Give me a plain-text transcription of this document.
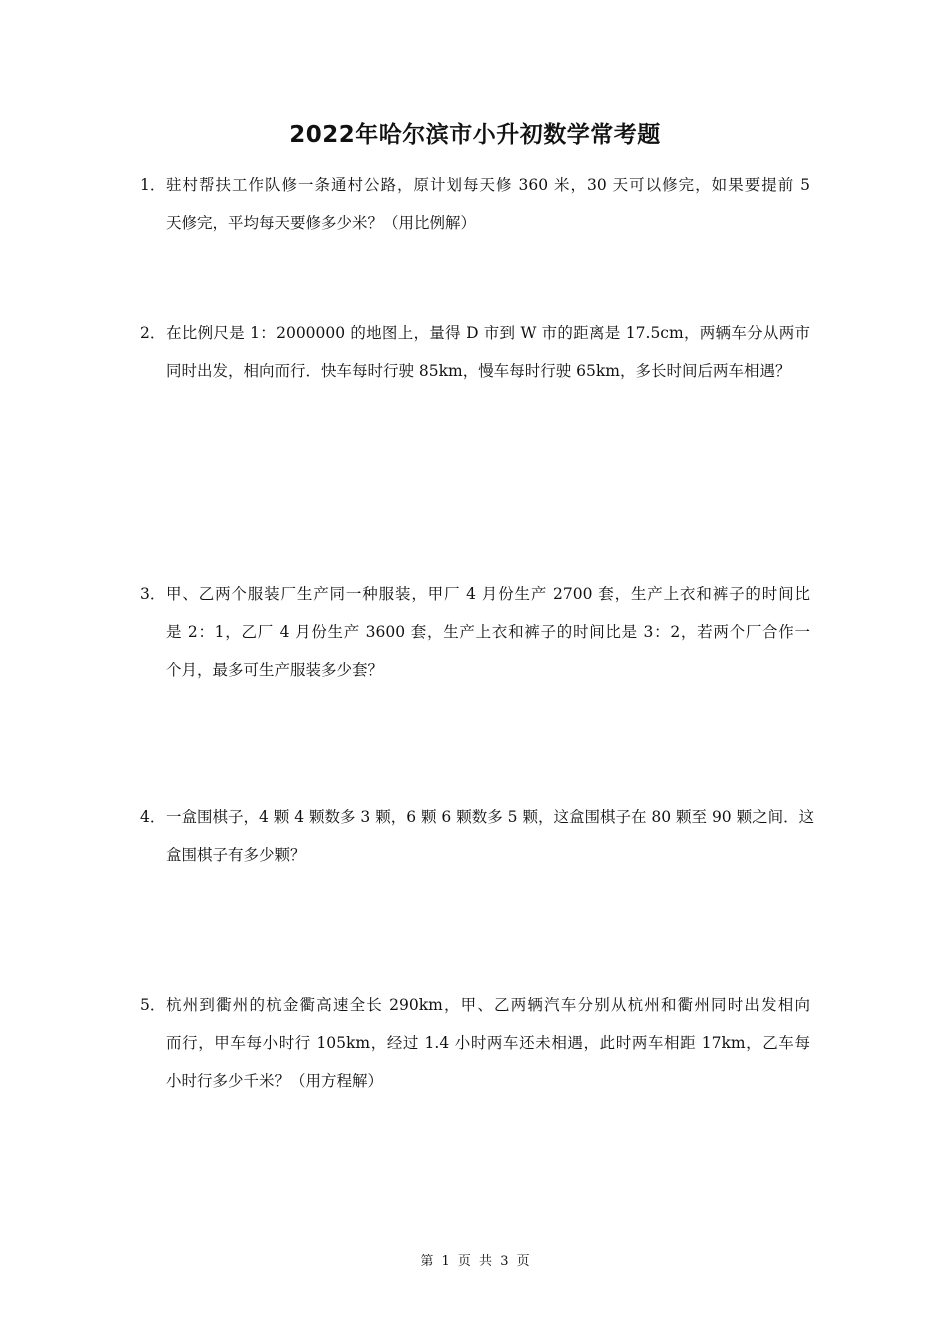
2022年哈尔滨市小升初数学常考题
1． 驻村帮扶工作队修一条通村公路，原计划每天修 360 米，30 天可以修完，如果要提前 5
天修完，平均每天要修多少米？（用比例解）
2． 在比例尺是 1：2000000 的地图上，量得 D 市到 W 市的距离是 17.5cm，两辆车分从两市
同时出发，相向而行．快车每时行驶 85km，慢车每时行驶 65km，多长时间后两车相遇？
3． 甲、乙两个服装厂生产同一种服装，甲厂 4 月份生产 2700 套，生产上衣和裤子的时间比
是 2：1，乙厂 4 月份生产 3600 套，生产上衣和裤子的时间比是 3：2，若两个厂合作一
个月，最多可生产服装多少套？
4． 一盒围棋子，4 颗 4 颗数多 3 颗，6 颗 6 颗数多 5 颗，这盒围棋子在 80 颗至 90 颗之间．这
盒围棋子有多少颗？
5． 杭州到衢州的杭金衢高速全长 290km，甲、乙两辆汽车分别从杭州和衢州同时出发相向
而行，甲车每小时行 105km，经过 1.4 小时两车还未相遇，此时两车相距 17km，乙车每
小时行多少千米？（用方程解）

第 1 页 共 3 页
